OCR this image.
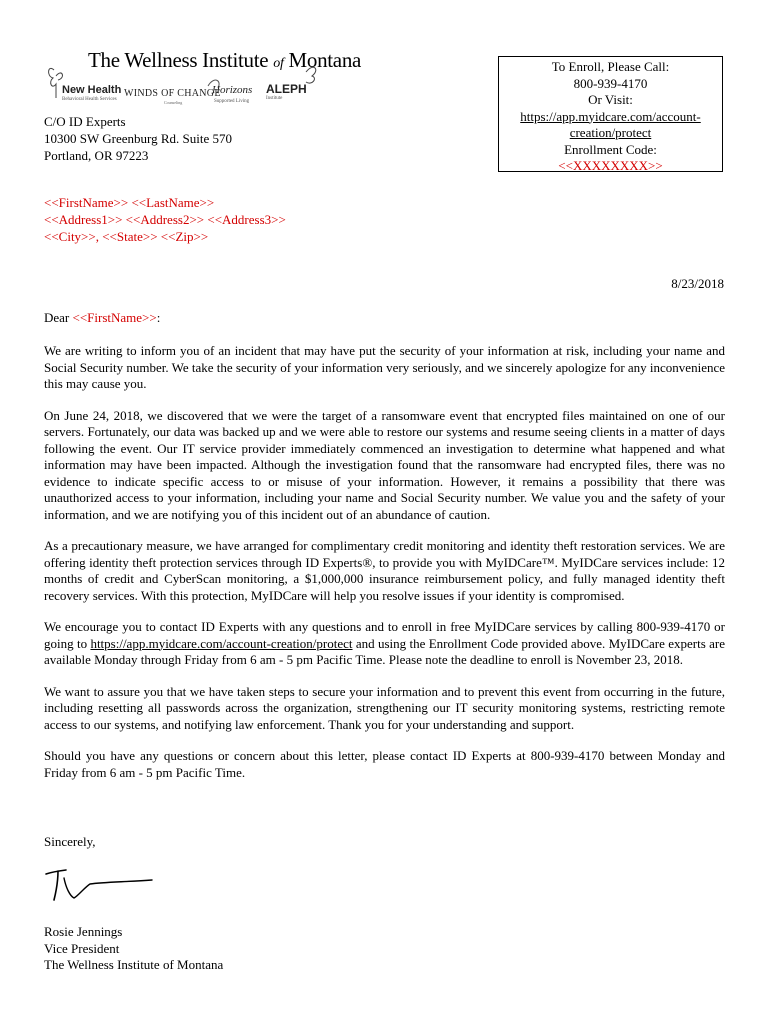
The Wellness Institute of Montana
New Health
Behavioral Health Services
WINDS OF CHANGE
Counseling
Horizons
Supported Living
ALEPH
Institute
C/O ID Experts
10300 SW Greenburg Rd. Suite 570
Portland, OR 97223
To Enroll, Please Call:
800-939-4170
Or Visit:
https://app.myidcare.com/account-
creation/protect
Enrollment Code:
<<XXXXXXXX>>
<<FirstName>> <<LastName>>
<<Address1>> <<Address2>> <<Address3>>
<<City>>, <<State>> <<Zip>>
8/23/2018
Dear <<FirstName>>:

We are writing to inform you of an incident that may have put the security of your information at risk, including your name and Social Security number. We take the security of your information very seriously, and we sincerely apologize for any inconvenience this may cause you.

On June 24, 2018, we discovered that we were the target of a ransomware event that encrypted files maintained on one of our servers. Fortunately, our data was backed up and we were able to restore our systems and resume seeing clients in a matter of days following the event. Our IT service provider immediately commenced an investigation to determine what happened and what information may have been impacted. Although the investigation found that the ransomware had encrypted files, there was no evidence to indicate specific access to or misuse of your information. However, it remains a possibility that there was unauthorized access to your information, including your name and Social Security number. We value you and the safety of your information, and we are notifying you of this incident out of an abundance of caution.

As a precautionary measure, we have arranged for complimentary credit monitoring and identity theft restoration services. We are offering identity theft protection services through ID Experts®, to provide you with MyIDCare™. MyIDCare services include: 12 months of credit and CyberScan monitoring, a $1,000,000 insurance reimbursement policy, and fully managed identity theft recovery services. With this protection, MyIDCare will help you resolve issues if your identity is compromised.

We encourage you to contact ID Experts with any questions and to enroll in free MyIDCare services by calling 800-939-4170 or going to https://app.myidcare.com/account-creation/protect and using the Enrollment Code provided above. MyIDCare experts are available Monday through Friday from 6 am - 5 pm Pacific Time. Please note the deadline to enroll is November 23, 2018.

We want to assure you that we have taken steps to secure your information and to prevent this event from occurring in the future, including resetting all passwords across the organization, strengthening our IT security monitoring systems, restricting remote access to our systems, and notifying law enforcement. Thank you for your understanding and support.

Should you have any questions or concern about this letter, please contact ID Experts at 800-939-4170 between Monday and Friday from 6 am - 5 pm Pacific Time.

Sincerely,
Rosie Jennings
Vice President
The Wellness Institute of Montana
